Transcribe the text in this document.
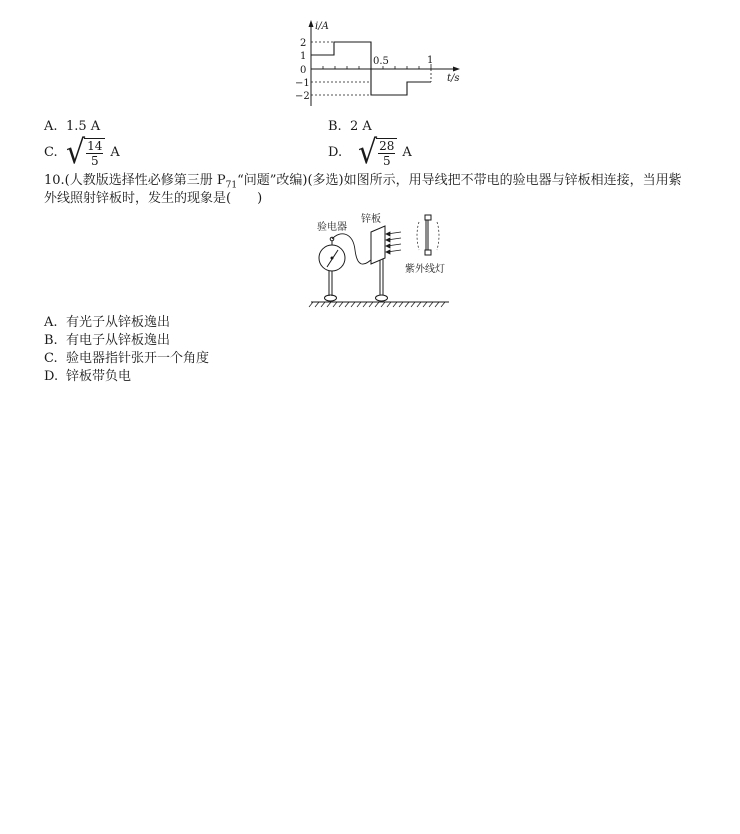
2
1
0
−1
−2
0.5	1
i/A
t/s
A. 1.5 A	B. 2 A
C. √ $\frac{14}{5}$ A	D. √ $\frac{28}{5}$ A
10.(人教版选择性必修第三册 $P_{71}“$问题”改编)(多选)如图所示，用导线把不带电的验电器与锌板相连接，当用紫
外线照射锌板时，发生的现象是(　　)
验电器
锌板
紫外线灯
A. 有光子从锌板逸出
B. 有电子从锌板逸出
C. 验电器指针张开一个角度
D. 锌板带负电
